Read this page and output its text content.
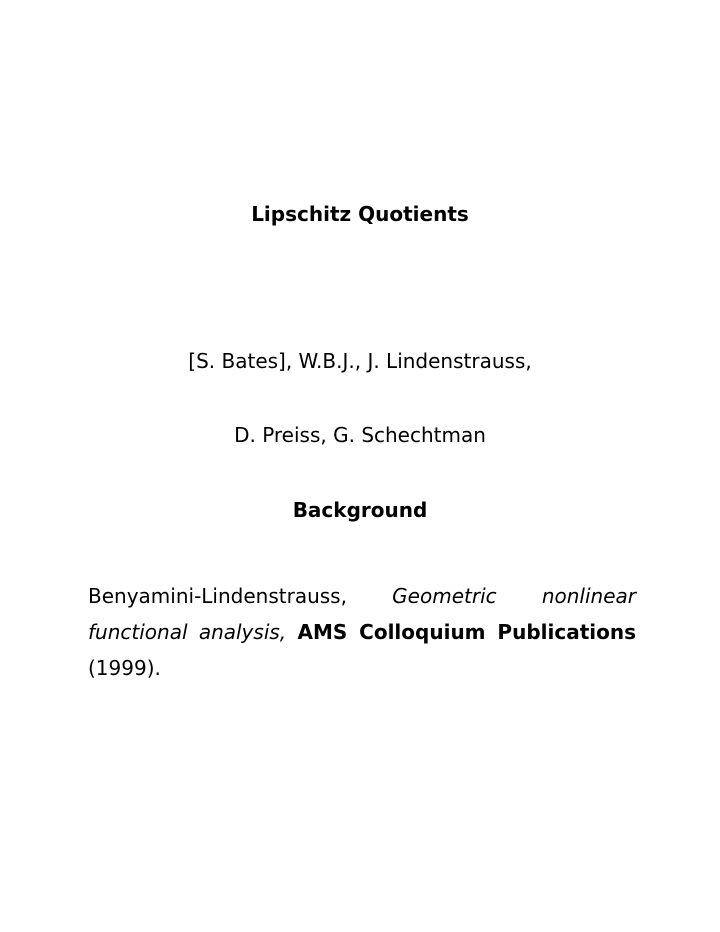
Lipschitz Quotients
[S. Bates], W.B.J., J. Lindenstrauss,
D. Preiss, G. Schechtman
Background
Benyamini-Lindenstrauss, Geometric nonlinear functional analysis, AMS Colloquium Publications (1999).
